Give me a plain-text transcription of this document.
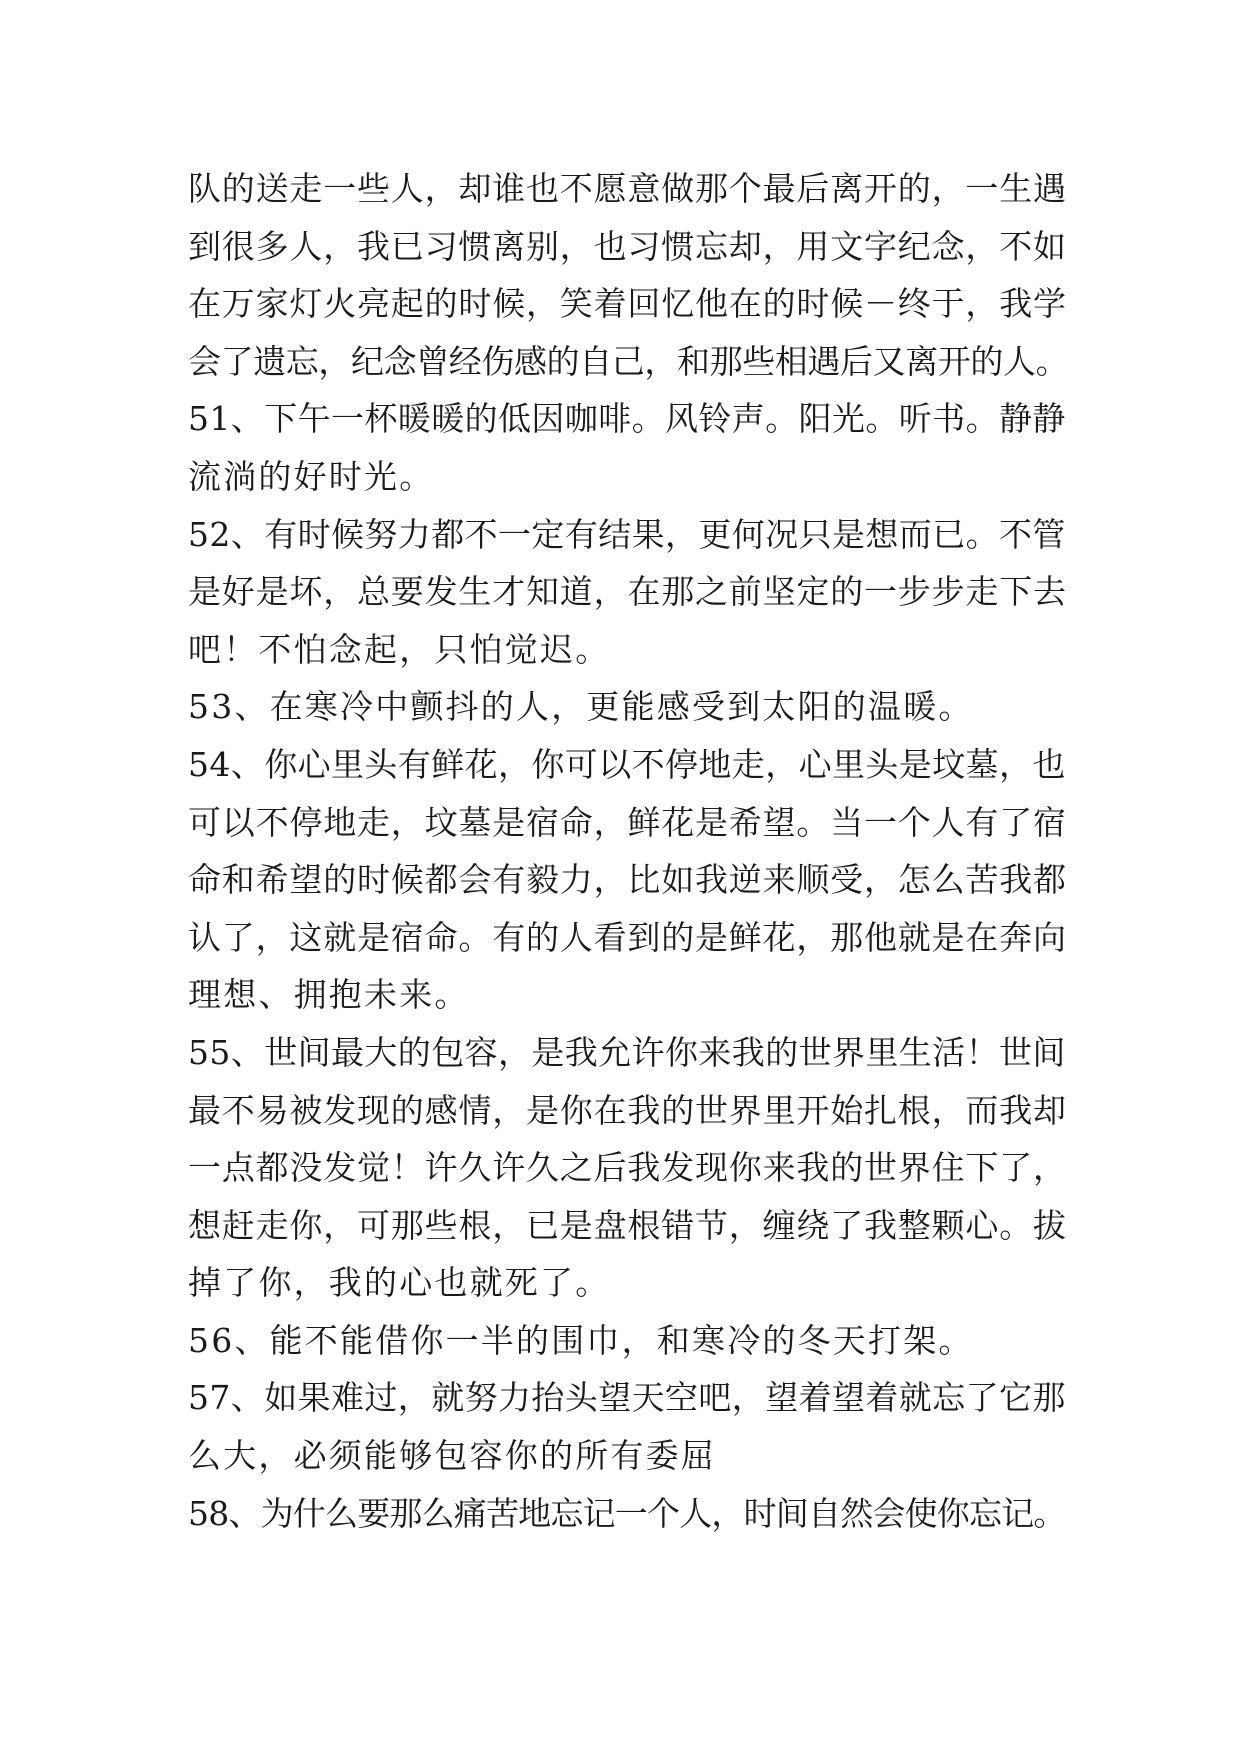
队的送走一些人，却谁也不愿意做那个最后离开的，一生遇
到很多人，我已习惯离别，也习惯忘却，用文字纪念，不如
在万家灯火亮起的时候，笑着回忆他在的时候－终于，我学
会了遗忘，纪念曾经伤感的自己，和那些相遇后又离开的人。
51、下午一杯暖暖的低因咖啡。风铃声。阳光。听书。静静
流淌的好时光。
52、有时候努力都不一定有结果，更何况只是想而已。不管
是好是坏，总要发生才知道，在那之前坚定的一步步走下去
吧！不怕念起，只怕觉迟。
53、在寒冷中颤抖的人，更能感受到太阳的温暖。
54、你心里头有鲜花，你可以不停地走，心里头是坟墓，也
可以不停地走，坟墓是宿命，鲜花是希望。当一个人有了宿
命和希望的时候都会有毅力，比如我逆来顺受，怎么苦我都
认了，这就是宿命。有的人看到的是鲜花，那他就是在奔向
理想、拥抱未来。
55、世间最大的包容，是我允许你来我的世界里生活！世间
最不易被发现的感情，是你在我的世界里开始扎根，而我却
一点都没发觉！许久许久之后我发现你来我的世界住下了，
想赶走你，可那些根，已是盘根错节，缠绕了我整颗心。拔
掉了你，我的心也就死了。
56、能不能借你一半的围巾，和寒冷的冬天打架。
57、如果难过，就努力抬头望天空吧，望着望着就忘了它那
么大，必须能够包容你的所有委屈
58、为什么要那么痛苦地忘记一个人，时间自然会使你忘记。
